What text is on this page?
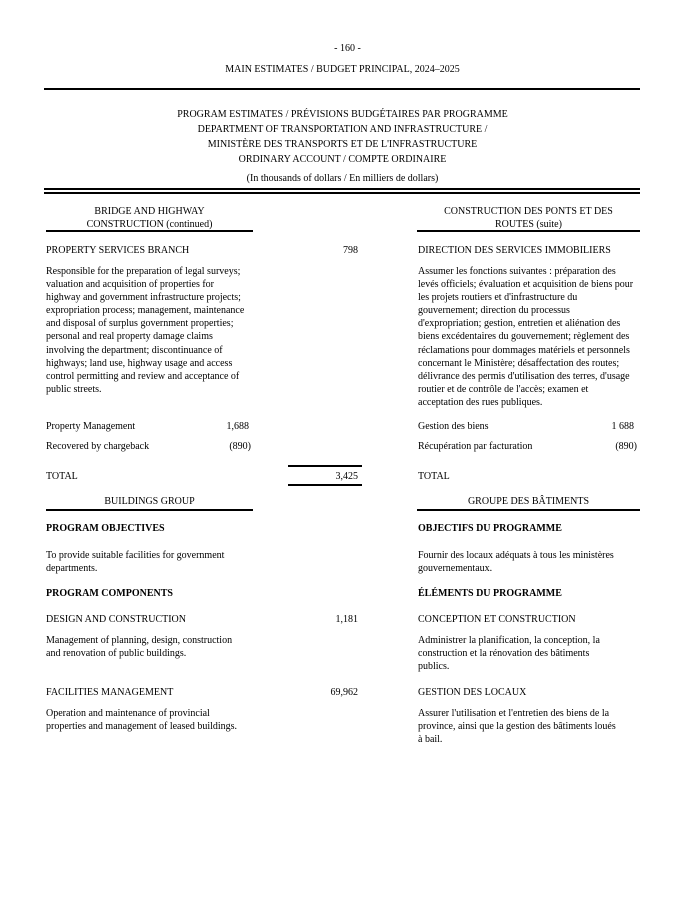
- 160 -
MAIN ESTIMATES / BUDGET PRINCIPAL, 2024–2025
PROGRAM ESTIMATES / PRÉVISIONS BUDGÉTAIRES PAR PROGRAMME
DEPARTMENT OF TRANSPORTATION AND INFRASTRUCTURE /
MINISTÈRE DES TRANSPORTS ET DE L'INFRASTRUCTURE
ORDINARY ACCOUNT / COMPTE ORDINAIRE
(In thousands of dollars / En milliers de dollars)
BRIDGE AND HIGHWAY
CONSTRUCTION (continued)
CONSTRUCTION DES PONTS ET DES
ROUTES (suite)
PROPERTY SERVICES BRANCH	798	DIRECTION DES SERVICES IMMOBILIERS
Responsible for the preparation of legal surveys;
valuation and acquisition of properties for
highway and government infrastructure projects;
expropriation process; management, maintenance
and disposal of surplus government properties;
personal and real property damage claims
involving the department; discontinuance of
highways; land use, highway usage and access
control permitting and review and acceptance of
public streets.
Assumer les fonctions suivantes : préparation des
levés officiels; évaluation et acquisition de biens pour
les projets routiers et d'infrastructure du
gouvernement; direction du processus
d'expropriation; gestion, entretien et aliénation des
biens excédentaires du gouvernement; règlement des
réclamations pour dommages matériels et personnels
concernant le Ministère; désaffectation des routes;
délivrance des permis d'utilisation des terres, d'usage
routier et de contrôle de l'accès; examen et
acceptation des rues publiques.
Property Management	1,688	Gestion des biens	1 688
Recovered by chargeback	(890)	Récupération par facturation	(890)
TOTAL	3,425	TOTAL
BUILDINGS GROUP	GROUPE DES BÂTIMENTS
PROGRAM OBJECTIVES	OBJECTIFS DU PROGRAMME
To provide suitable facilities for government
departments.
Fournir des locaux adéquats à tous les ministères
gouvernementaux.
PROGRAM COMPONENTS	ÉLÉMENTS DU PROGRAMME
DESIGN AND CONSTRUCTION	1,181	CONCEPTION ET CONSTRUCTION
Management of planning, design, construction
and renovation of public buildings.
Administrer la planification, la conception, la
construction et la rénovation des bâtiments
publics.
FACILITIES MANAGEMENT	69,962	GESTION DES LOCAUX
Operation and maintenance of provincial
properties and management of leased buildings.
Assurer l'utilisation et l'entretien des biens de la
province, ainsi que la gestion des bâtiments loués
à bail.
